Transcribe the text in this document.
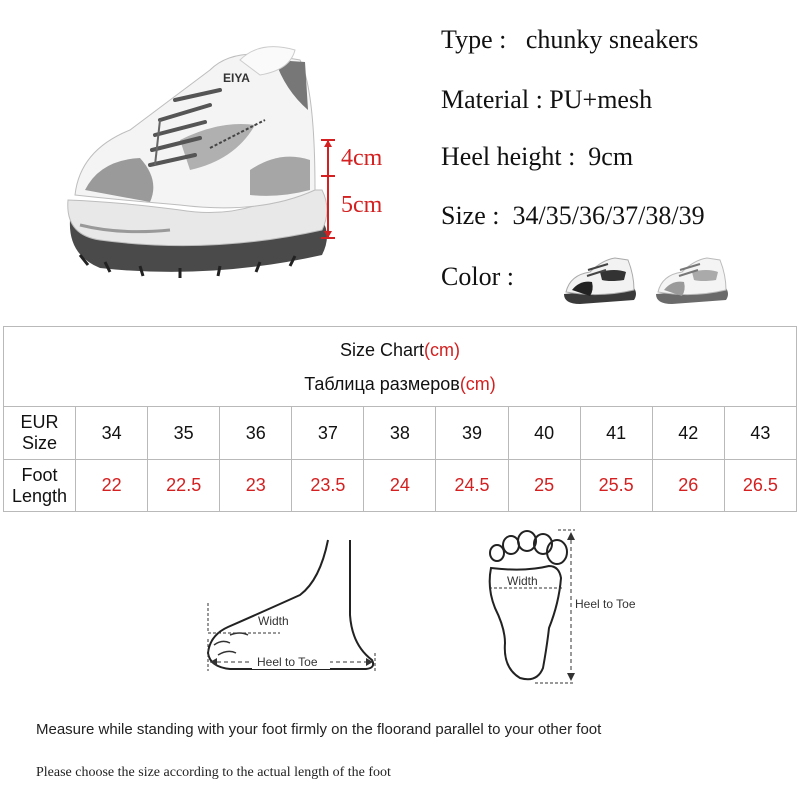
EIYA
4cm
5cm
Type : chunky sneakers
Material : PU+mesh
Heel height : 9cm
Size : 34/35/36/37/38/39
Color :
Size Chart(cm)
Таблица размеров(cm)										

EUR Size	34	35	36	37	38	39	40	41	42	43
Foot Length	22	22.5	23	23.5	24	24.5	25	25.5	26	26.5
Width
Heel to Toe
Width
Heel to Toe
Measure while standing with your foot firmly on the floorand parallel to your other foot
Please choose the size according to the actual length of the foot
